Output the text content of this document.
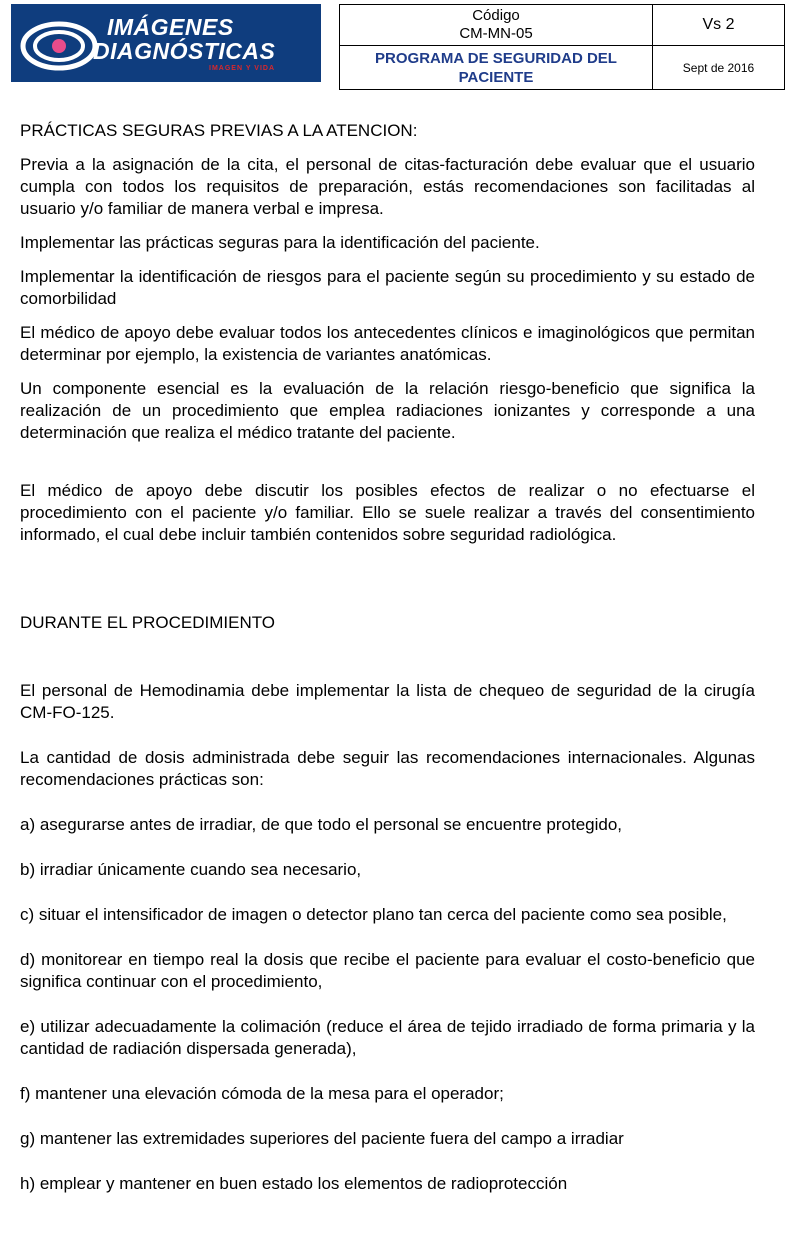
IMÁGENES
DIAGNÓSTICAS
IMAGEN Y VIDA
Código
CM-MN-05	Vs 2

PROGRAMA DE SEGURIDAD DEL
PACIENTE	Sept de 2016

PRÁCTICAS SEGURAS PREVIAS A LA ATENCION:

Previa a la asignación de la cita, el personal de citas-facturación debe evaluar que el usuario cumpla con todos los requisitos de preparación, estás recomendaciones son facilitadas al usuario y/o familiar de manera verbal e impresa.

Implementar las prácticas seguras para la identificación del paciente.

Implementar la identificación de riesgos para el paciente según su procedimiento y su estado de comorbilidad

El médico de apoyo debe evaluar todos los antecedentes clínicos e imaginológicos que permitan determinar por ejemplo, la existencia de variantes anatómicas.

Un componente esencial es la evaluación de la relación riesgo-beneficio que significa la realización de un procedimiento que emplea radiaciones ionizantes y corresponde a una determinación que realiza el médico tratante del paciente.

El médico de apoyo debe discutir los posibles efectos de realizar o no efectuarse el procedimiento con el paciente y/o familiar. Ello se suele realizar a través del consentimiento informado, el cual debe incluir también contenidos sobre seguridad radiológica.

DURANTE EL PROCEDIMIENTO

El personal de Hemodinamia debe implementar la lista de chequeo de seguridad de la cirugía CM-FO-125.

La cantidad de dosis administrada debe seguir las recomendaciones internacionales. Algunas recomendaciones prácticas son:

a) asegurarse antes de irradiar, de que todo el personal se encuentre protegido,

b) irradiar únicamente cuando sea necesario,

c) situar el intensificador de imagen o detector plano tan cerca del paciente como sea posible,

d) monitorear en tiempo real la dosis que recibe el paciente para evaluar el costo-beneficio que significa continuar con el procedimiento,

e) utilizar adecuadamente la colimación (reduce el área de tejido irradiado de forma primaria y la cantidad de radiación dispersada generada),

f) mantener una elevación cómoda de la mesa para el operador;

g) mantener las extremidades superiores del paciente fuera del campo a irradiar

h) emplear y mantener en buen estado los elementos de radioprotección
